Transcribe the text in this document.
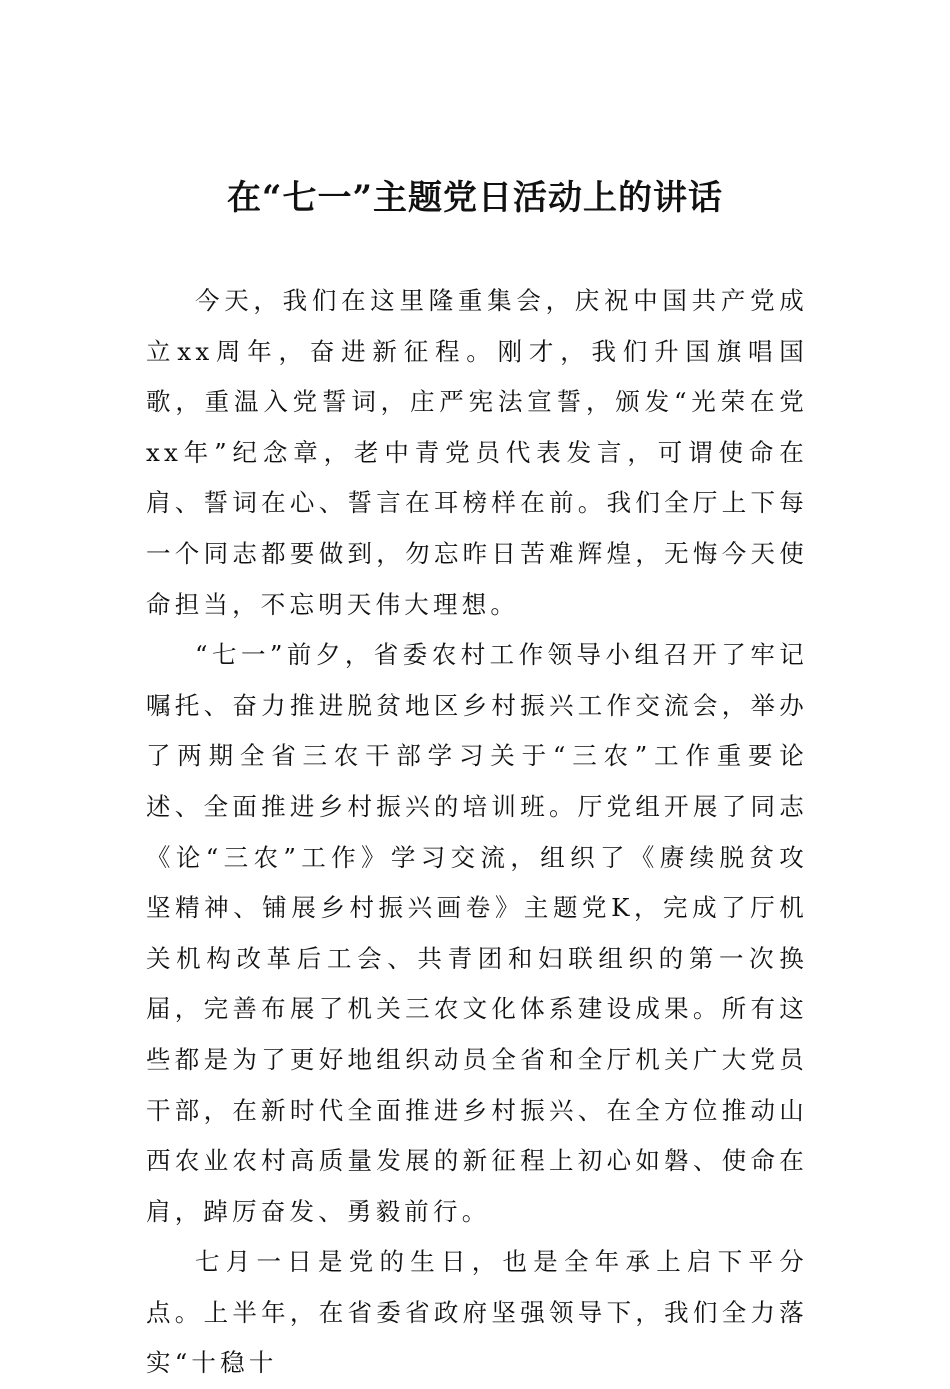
在“七一”主题党日活动上的讲话

今天，我们在这里隆重集会，庆祝中国共产党成立xx周年，奋进新征程。刚才，我们升国旗唱国歌，重温入党誓词，庄严宪法宣誓，颁发“光荣在党xx年”纪念章，老中青党员代表发言，可谓使命在肩、誓词在心、誓言在耳榜样在前。我们全厅上下每一个同志都要做到，勿忘昨日苦难辉煌，无悔今天使命担当，不忘明天伟大理想。

“七一”前夕，省委农村工作领导小组召开了牢记嘱托、奋力推进脱贫地区乡村振兴工作交流会，举办了两期全省三农干部学习关于“三农”工作重要论述、全面推进乡村振兴的培训班。厅党组开展了同志《论“三农”工作》学习交流，组织了《赓续脱贫攻坚精神、铺展乡村振兴画卷》主题党K，完成了厅机关机构改革后工会、共青团和妇联组织的第一次换届，完善布展了机关三农文化体系建设成果。所有这些都是为了更好地组织动员全省和全厅机关广大党员干部，在新时代全面推进乡村振兴、在全方位推动山西农业农村高质量发展的新征程上初心如磐、使命在肩，踔厉奋发、勇毅前行。

七月一日是党的生日，也是全年承上启下平分点。上半年，在省委省政府坚强领导下，我们全力落实“十稳十
